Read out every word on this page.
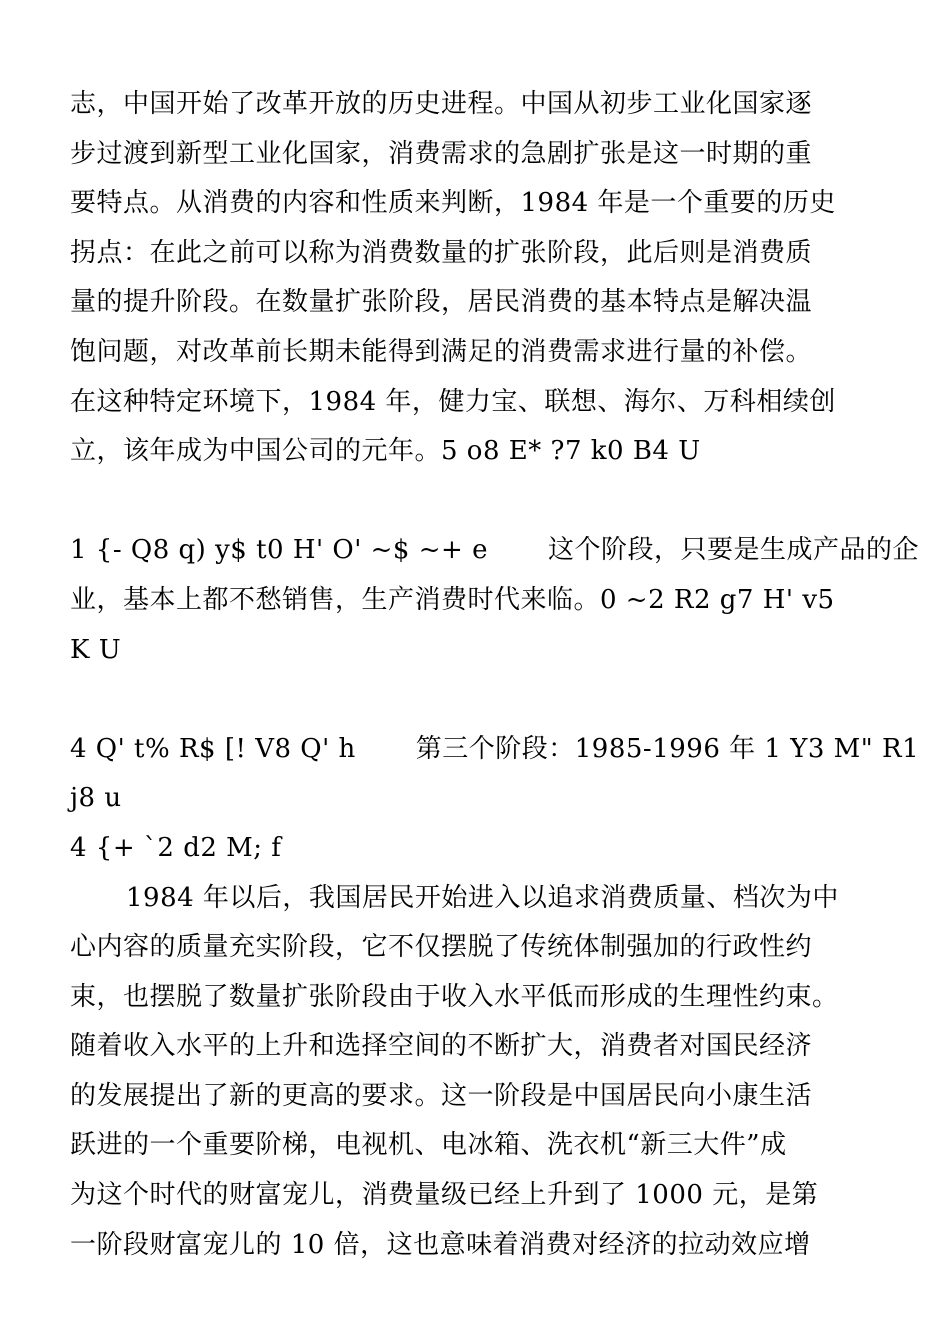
志，中国开始了改革开放的历史进程。中国从初步工业化国家逐
步过渡到新型工业化国家，消费需求的急剧扩张是这一时期的重
要特点。从消费的内容和性质来判断，1984 年是一个重要的历史
拐点：在此之前可以称为消费数量的扩张阶段，此后则是消费质
量的提升阶段。在数量扩张阶段，居民消费的基本特点是解决温
饱问题，对改革前长期未能得到满足的消费需求进行量的补偿。
在这种特定环境下，1984 年，健力宝、联想、海尔、万科相续创
立，该年成为中国公司的元年。5 o8 E* ?7 k0 B4 U
1 {- Q8 q) y$ t0 H' O' ~$ ~+ e 这个阶段，只要是生成产品的企
业，基本上都不愁销售，生产消费时代来临。0 ~2 R2 g7 H' v5
K U
4 Q' t% R$ [! V8 Q' h 第三个阶段：1985-1996 年 1 Y3 M" R1
j8 u
4 {+ `2 d2 M; f
1984 年以后，我国居民开始进入以追求消费质量、档次为中
心内容的质量充实阶段，它不仅摆脱了传统体制强加的行政性约
束，也摆脱了数量扩张阶段由于收入水平低而形成的生理性约束。
随着收入水平的上升和选择空间的不断扩大，消费者对国民经济
的发展提出了新的更高的要求。这一阶段是中国居民向小康生活
跃进的一个重要阶梯，电视机、电冰箱、洗衣机“新三大件”成
为这个时代的财富宠儿，消费量级已经上升到了 1000 元，是第
一阶段财富宠儿的 10 倍，这也意味着消费对经济的拉动效应增
